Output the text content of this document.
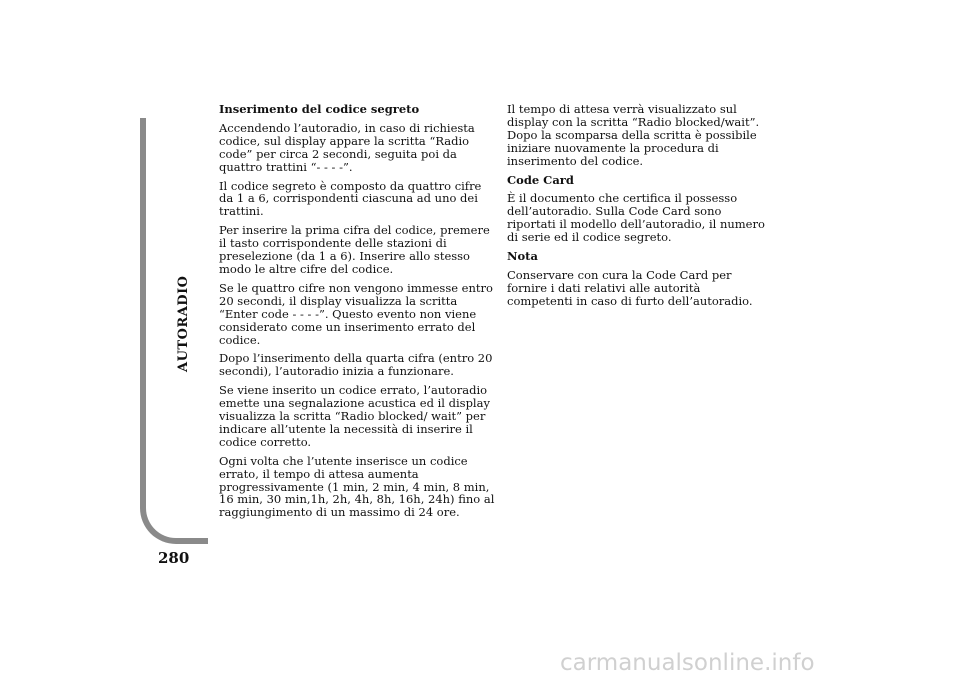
AUTORADIO
280

Inserimento del codice segreto

Accendendo l’autoradio, in caso di richiesta codice, sul display appare la scritta “Radio code” per circa 2 secondi, seguita poi da quattro trattini “- - - -”.

Il codice segreto è composto da quattro cifre da 1 a 6, corrispondenti ciascuna ad uno dei trattini.

Per inserire la prima cifra del codice, premere il tasto corrispondente delle stazioni di preselezione (da 1 a 6). Inserire allo stesso modo le altre cifre del codice.

Se le quattro cifre non vengono immesse entro 20 secondi, il display visualizza la scritta “Enter code - - - -”. Questo evento non viene considerato come un inserimento errato del codice.

Dopo l’inserimento della quarta cifra (entro 20 secondi), l’autoradio inizia a funzionare.

Se viene inserito un codice errato, l’autoradio emette una segnalazione acustica ed il display visualizza la scritta “Radio blocked/ wait” per indicare all’utente la necessità di inserire il codice corretto.

Ogni volta che l’utente inserisce un codice errato, il tempo di attesa aumenta progressivamente (1 min, 2 min, 4 min, 8 min, 16 min, 30 min,1h, 2h, 4h, 8h, 16h, 24h) fino al raggiungimento di un massimo di 24 ore.

Il tempo di attesa verrà visualizzato sul display con la scritta “Radio blocked/wait”. Dopo la scomparsa della scritta è possibile iniziare nuovamente la procedura di inserimento del codice.

Code Card

È il documento che certifica il possesso dell’autoradio. Sulla Code Card sono riportati il modello dell’autoradio, il numero di serie ed il codice segreto.

Nota

Conservare con cura la Code Card per fornire i dati relativi alle autorità competenti in caso di furto dell’autoradio.

carmanualsonline.info
